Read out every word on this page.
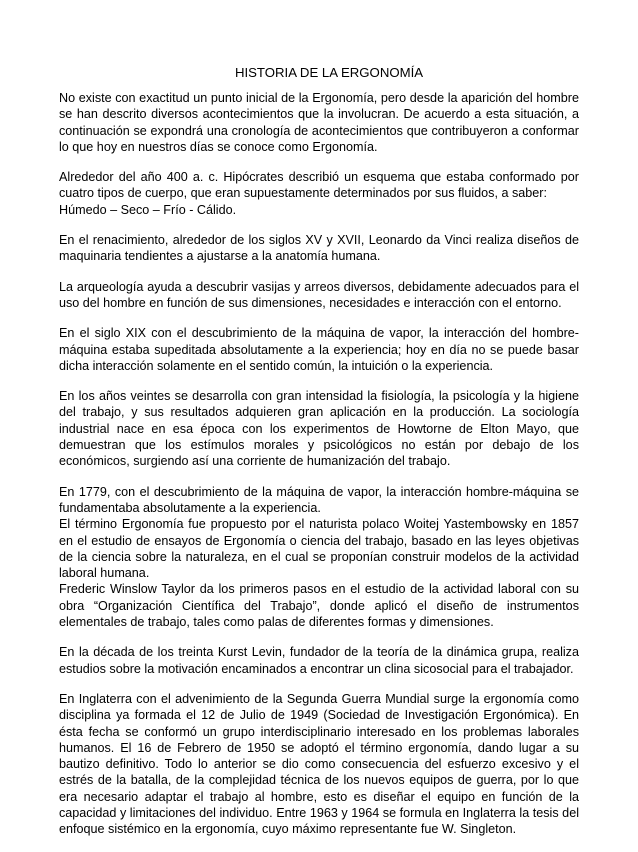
HISTORIA DE LA ERGONOMÍA

No existe con exactitud un punto inicial de la Ergonomía, pero desde la aparición del hombre se han descrito diversos acontecimientos que la involucran. De acuerdo a esta situación, a continuación se expondrá una cronología de acontecimientos que contribuyeron a conformar lo que hoy en nuestros días se conoce como Ergonomía.

Alrededor del año 400 a. c. Hipócrates describió un esquema que estaba conformado por cuatro tipos de cuerpo, que eran supuestamente determinados por sus fluidos, a saber:

Húmedo – Seco – Frío - Cálido.

En el renacimiento, alrededor de los siglos XV y XVII, Leonardo da Vinci realiza diseños de maquinaria tendientes a ajustarse a la anatomía humana.

La arqueología ayuda a descubrir vasijas y arreos diversos, debidamente adecuados para el uso del hombre en función de sus dimensiones, necesidades e interacción con el entorno.

En el siglo XIX con el descubrimiento de la máquina de vapor, la interacción del hombre-máquina estaba supeditada absolutamente a la experiencia; hoy en día no se puede basar dicha interacción solamente en el sentido común, la intuición o la experiencia.

En los años veintes se desarrolla con gran intensidad la fisiología, la psicología y la higiene del trabajo, y sus resultados adquieren gran aplicación en la producción. La sociología industrial nace en esa época con los experimentos de Howtorne de Elton Mayo, que demuestran que los estímulos morales y psicológicos no están por debajo de los económicos, surgiendo así una corriente de humanización del trabajo.

En 1779, con el descubrimiento de la máquina de vapor, la interacción hombre-máquina se fundamentaba absolutamente a la experiencia.

El término Ergonomía fue propuesto por el naturista polaco Woitej Yastembowsky en 1857 en el estudio de ensayos de Ergonomía o ciencia del trabajo, basado en las leyes objetivas de la ciencia sobre la naturaleza, en el cual se proponían construir modelos de la actividad laboral humana.

Frederic Winslow Taylor da los primeros pasos en el estudio de la actividad laboral con su obra “Organización Científica del Trabajo”, donde aplicó el diseño de instrumentos elementales de trabajo, tales como palas de diferentes formas y dimensiones.

En la década de los treinta Kurst Levin, fundador de la teoría de la dinámica grupa, realiza estudios sobre la motivación encaminados a encontrar un clina sicosocial para el trabajador.

En Inglaterra con el advenimiento de la Segunda Guerra Mundial surge la ergonomía como disciplina ya formada el 12 de Julio de 1949 (Sociedad de Investigación Ergonómica). En ésta fecha se conformó un grupo interdisciplinario interesado en los problemas laborales humanos. El 16 de Febrero de 1950 se adoptó el término ergonomía, dando lugar a su bautizo definitivo. Todo lo anterior se dio como consecuencia del esfuerzo excesivo y el estrés de la batalla, de la complejidad técnica de los nuevos equipos de guerra, por lo que era necesario adaptar el trabajo al hombre, esto es diseñar el equipo en función de la capacidad y limitaciones del individuo. Entre 1963 y 1964 se formula en Inglaterra la tesis del enfoque sistémico en la ergonomía, cuyo máximo representante fue W. Singleton.
